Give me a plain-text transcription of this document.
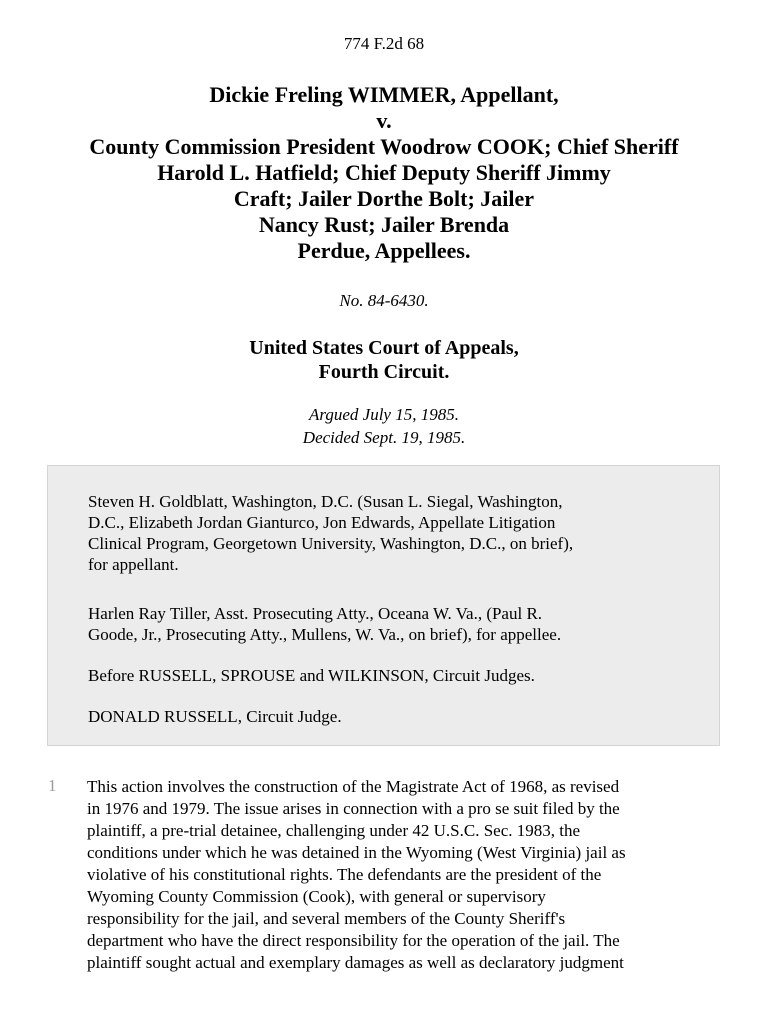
774 F.2d 68
Dickie Freling WIMMER, Appellant,
v.
County Commission President Woodrow COOK; Chief Sheriff
Harold L. Hatfield; Chief Deputy Sheriff Jimmy
Craft; Jailer Dorthe Bolt; Jailer
Nancy Rust; Jailer Brenda
Perdue, Appellees.
No. 84-6430.
United States Court of Appeals,
Fourth Circuit.
Argued July 15, 1985.
Decided Sept. 19, 1985.

Steven H. Goldblatt, Washington, D.C. (Susan L. Siegal, Washington,
D.C., Elizabeth Jordan Gianturco, Jon Edwards, Appellate Litigation
Clinical Program, Georgetown University, Washington, D.C., on brief),
for appellant.

Harlen Ray Tiller, Asst. Prosecuting Atty., Oceana W. Va., (Paul R.
Goode, Jr., Prosecuting Atty., Mullens, W. Va., on brief), for appellee.

Before RUSSELL, SPROUSE and WILKINSON, Circuit Judges.

DONALD RUSSELL, Circuit Judge.

1 This action involves the construction of the Magistrate Act of 1968, as revised
in 1976 and 1979. The issue arises in connection with a pro se suit filed by the
plaintiff, a pre-trial detainee, challenging under 42 U.S.C. Sec. 1983, the
conditions under which he was detained in the Wyoming (West Virginia) jail as
violative of his constitutional rights. The defendants are the president of the
Wyoming County Commission (Cook), with general or supervisory
responsibility for the jail, and several members of the County Sheriff's
department who have the direct responsibility for the operation of the jail. The
plaintiff sought actual and exemplary damages as well as declaratory judgment
